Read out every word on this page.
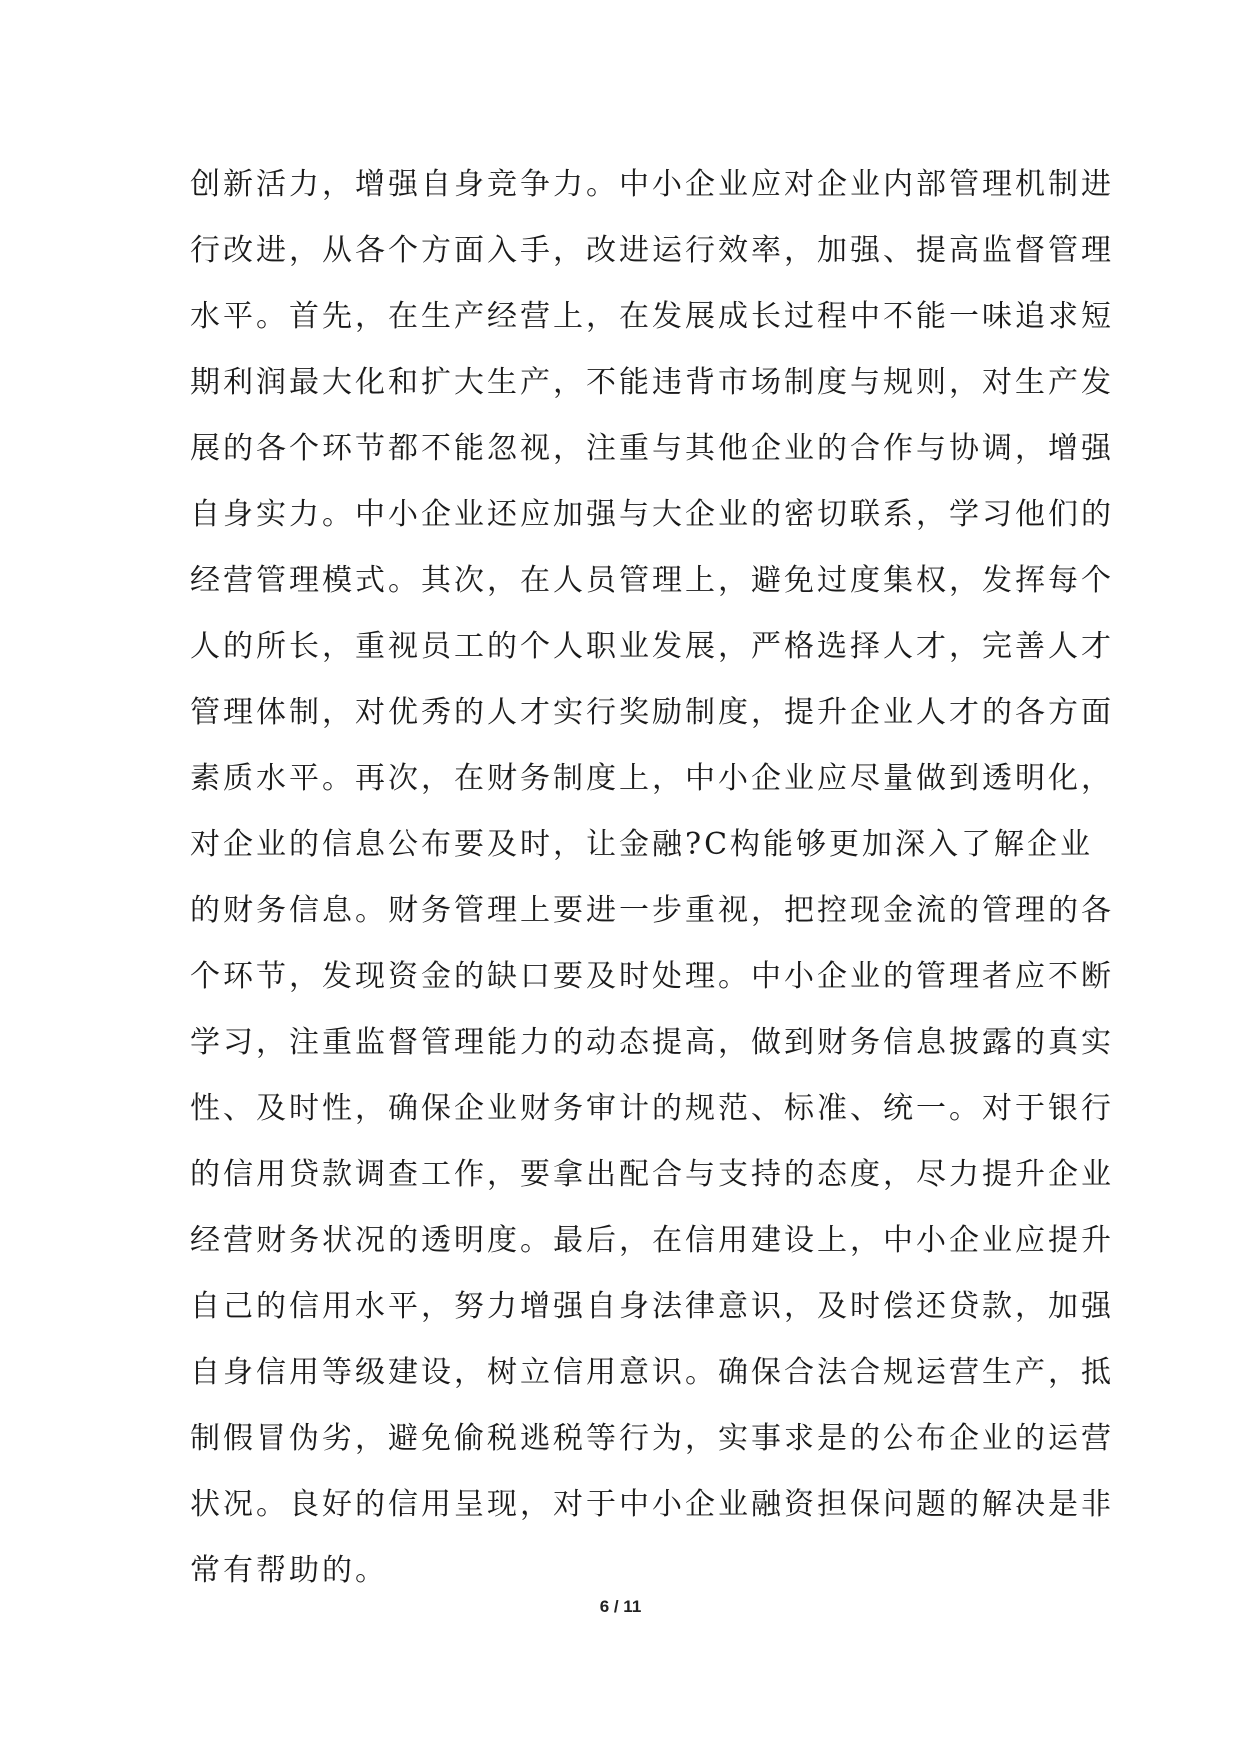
创新活力，增强自身竞争力。中小企业应对企业内部管理机制进
行改进，从各个方面入手，改进运行效率，加强、提高监督管理
水平。首先，在生产经营上，在发展成长过程中不能一味追求短
期利润最大化和扩大生产，不能违背市场制度与规则，对生产发
展的各个环节都不能忽视，注重与其他企业的合作与协调，增强
自身实力。中小企业还应加强与大企业的密切联系，学习他们的
经营管理模式。其次，在人员管理上，避免过度集权，发挥每个
人的所长，重视员工的个人职业发展，严格选择人才，完善人才
管理体制，对优秀的人才实行奖励制度，提升企业人才的各方面
素质水平。再次，在财务制度上，中小企业应尽量做到透明化，
对企业的信息公布要及时，让金融?C构能够更加深入了解企业
的财务信息。财务管理上要进一步重视，把控现金流的管理的各
个环节，发现资金的缺口要及时处理。中小企业的管理者应不断
学习，注重监督管理能力的动态提高，做到财务信息披露的真实
性、及时性，确保企业财务审计的规范、标准、统一。对于银行
的信用贷款调查工作，要拿出配合与支持的态度，尽力提升企业
经营财务状况的透明度。最后，在信用建设上，中小企业应提升
自己的信用水平，努力增强自身法律意识，及时偿还贷款，加强
自身信用等级建设，树立信用意识。确保合法合规运营生产，抵
制假冒伪劣，避免偷税逃税等行为，实事求是的公布企业的运营
状况。良好的信用呈现，对于中小企业融资担保问题的解决是非
常有帮助的。
6 / 11
